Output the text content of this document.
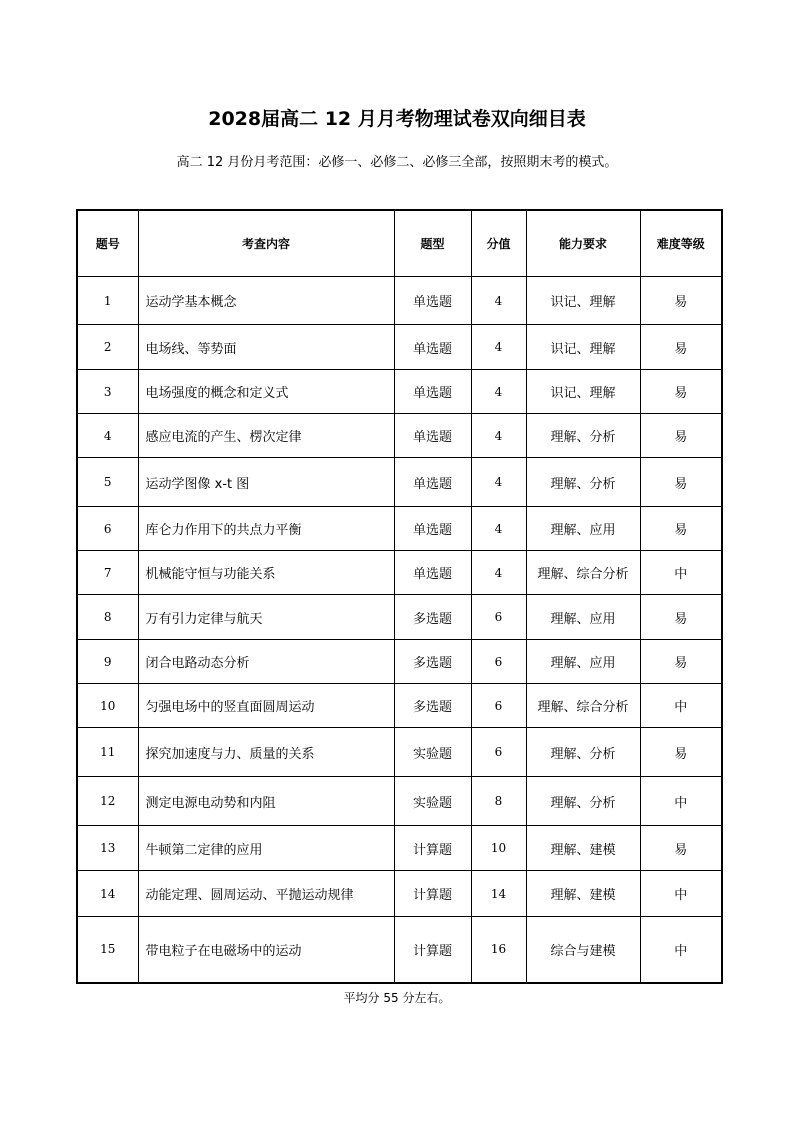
2028届高二 12 月月考物理试卷双向细目表
高二 12 月份月考范围：必修一、必修二、必修三全部，按照期末考的模式。
题号	考查内容	题型	分值	能力要求	难度等级
1	运动学基本概念	单选题	4	识记、理解	易
2	电场线、等势面	单选题	4	识记、理解	易
3	电场强度的概念和定义式	单选题	4	识记、理解	易
4	感应电流的产生、楞次定律	单选题	4	理解、分析	易
5	运动学图像 x-t 图	单选题	4	理解、分析	易
6	库仑力作用下的共点力平衡	单选题	4	理解、应用	易
7	机械能守恒与功能关系	单选题	4	理解、综合分析	中
8	万有引力定律与航天	多选题	6	理解、应用	易
9	闭合电路动态分析	多选题	6	理解、应用	易
10	匀强电场中的竖直面圆周运动	多选题	6	理解、综合分析	中
11	探究加速度与力、质量的关系	实验题	6	理解、分析	易
12	测定电源电动势和内阻	实验题	8	理解、分析	中
13	牛顿第二定律的应用	计算题	10	理解、建模	易
14	动能定理、圆周运动、平抛运动规律	计算题	14	理解、建模	中
15	带电粒子在电磁场中的运动	计算题	16	综合与建模	中
平均分 55 分左右。
